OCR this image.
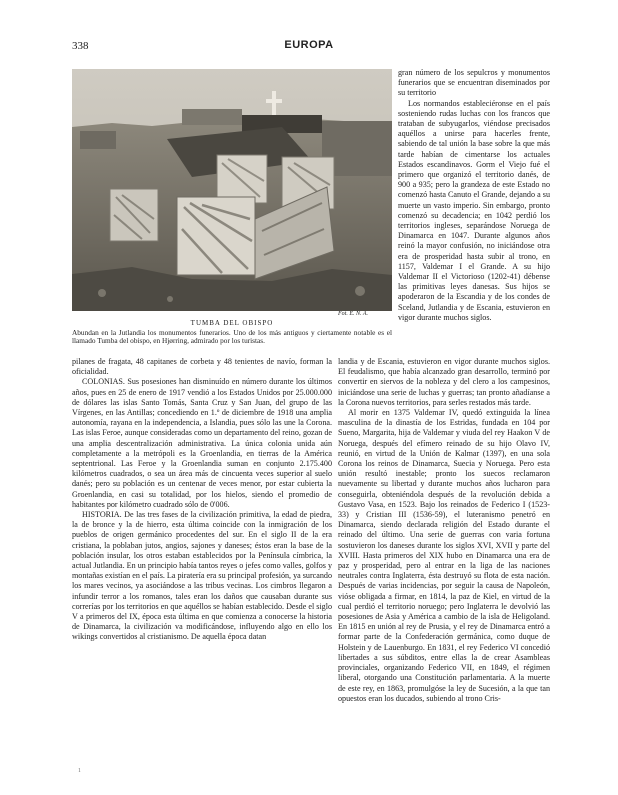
338	EUROPA

gran número de los sepulcros y monumentos funerarios que se encuentran diseminados por su territorio

Los normandos estableciéronse en el país sosteniendo rudas luchas con los francos que trataban de subyugarlos, viéndose precisados aquéllos a unirse para hacerles frente, sabiendo de tal unión la base sobre la que más tarde habían de cimentarse los actuales Estados escandinavos. Gorm el Viejo fué el primero que organizó el territorio danés, de 900 a 935; pero la grandeza de este Estado no comenzó hasta Canuto el Grande, dejando a su muerte un vasto imperio. Sin embargo, pronto comenzó su decadencia; en 1042 perdió los territorios ingleses, separándose Noruega de Dinamarca en 1047. Durante algunos años reinó la mayor confusión, no iniciándose otra era de prosperidad hasta subir al trono, en 1157, Valdemar I el Grande. A su hijo Valdemar II el Victorioso (1202-41) débense las primitivas leyes danesas. Sus hijos se apoderaron de la Escandia y de los condes de Sceland, Jutlandia y de Escania, estuvieron en vigor durante muchos siglos.

Fot. E. N. A.
TUMBA DEL OBISPO

Abundan en la Jutlandia los monumentos funerarios. Uno de los más antiguos y ciertamente notable es el llamado Tumba del obispo, en Hjørring, admirado por los turistas.

pilanes de fragata, 48 capitanes de corbeta y 48 tenientes de navío, forman la oficialidad.

COLONIAS. Sus posesiones han disminuído en número durante los últimos años, pues en 25 de enero de 1917 vendió a los Estados Unidos por 25.000.000 de dólares las islas Santo Tomás, Santa Cruz y San Juan, del grupo de las Vírgenes, en las Antillas; concediendo en 1.º de diciembre de 1918 una amplia autonomía, rayana en la independencia, a Islandia, pues sólo las une la Corona. Las islas Feroe, aunque consideradas como un departamento del reino, gozan de una amplia descentralización administrativa. La única colonia unida aún completamente a la metrópoli es la Groenlandia, en tierras de la América septentrional. Las Feroe y la Groenlandia suman en conjunto 2.175.400 kilómetros cuadrados, o sea un área más de cincuenta veces superior al suelo danés; pero su población es un centenar de veces menor, por estar cubierta la Groenlandia, en casi su totalidad, por los hielos, siendo el promedio de habitantes por kilómetro cuadrado sólo de 0'006.

HISTORIA. De las tres fases de la civilización primitiva, la edad de piedra, la de bronce y la de hierro, esta última coincide con la inmigración de los pueblos de origen germánico procedentes del sur. En el siglo II de la era cristiana, la poblaban jutos, angios, sajones y daneses; éstos eran la base de la población insular, los otros estaban establecidos por la Península címbrica, la actual Jutlandia. En un principio había tantos reyes o jefes como valles, golfos y montañas existían en el país. La piratería era su principal profesión, ya surcando los mares vecinos, ya asociándose a las tribus vecinas. Los cimbros llegaron a infundir terror a los romanos, tales eran los daños que causaban durante sus correrías por los territorios en que aquéllos se habían establecido. Desde el siglo V a primeros del IX, época esta última en que comienza a conocerse la historia de Dinamarca, la civilización va modificándose, influyendo algo en ello los wikings convertidos al cristianismo. De aquella época datan

landia y de Escania, estuvieron en vigor durante muchos siglos. El feudalismo, que había alcanzado gran desarrollo, terminó por convertir en siervos de la nobleza y del clero a los campesinos, iniciándose una serie de luchas y guerras; tan pronto añadíanse a la Corona nuevos territorios, para serles restados más tarde.

Al morir en 1375 Valdemar IV, quedó extinguida la línea masculina de la dinastía de los Estridas, fundada en 104 por Sueno, Margarita, hija de Valdemar y viuda del rey Haakon V de Noruega, después del efímero reinado de su hijo Olavo IV, reunió, en virtud de la Unión de Kalmar (1397), en una sola Corona los reinos de Dinamarca, Suecia y Noruega. Pero esta unión resultó inestable; pronto los suecos reclamaron nuevamente su libertad y durante muchos años lucharon para conseguirla, obteniéndola después de la revolución debida a Gustavo Vasa, en 1523. Bajo los reinados de Federico I (1523-33) y Cristian III (1536-59), el luteranismo penetró en Dinamarca, siendo declarada religión del Estado durante el reinado del último. Una serie de guerras con varia fortuna sostuvieron los daneses durante los siglos XVI, XVII y parte del XVIII. Hasta primeros del XIX hubo en Dinamarca una era de paz y prosperidad, pero al entrar en la liga de las naciones neutrales contra Inglaterra, ésta destruyó su flota de esta nación. Después de varias incidencias, por seguir la causa de Napoleón, vióse obligada a firmar, en 1814, la paz de Kiel, en virtud de la cual perdió el territorio noruego; pero Inglaterra le devolvió las posesiones de Asia y América a cambio de la isla de Heligoland. En 1815 en unión al rey de Prusia, y el rey de Dinamarca entró a formar parte de la Confederación germánica, como duque de Holstein y de Lauenburgo. En 1831, el rey Federico VI concedió libertades a sus súbditos, entre ellas la de crear Asambleas provinciales, organizando Federico VII, en 1849, el régimen liberal, otorgando una Constitución parlamentaria. A la muerte de este rey, en 1863, promulgóse la ley de Sucesión, a la que tan opuestos eran los ducados, subiendo al trono Cris-

1
